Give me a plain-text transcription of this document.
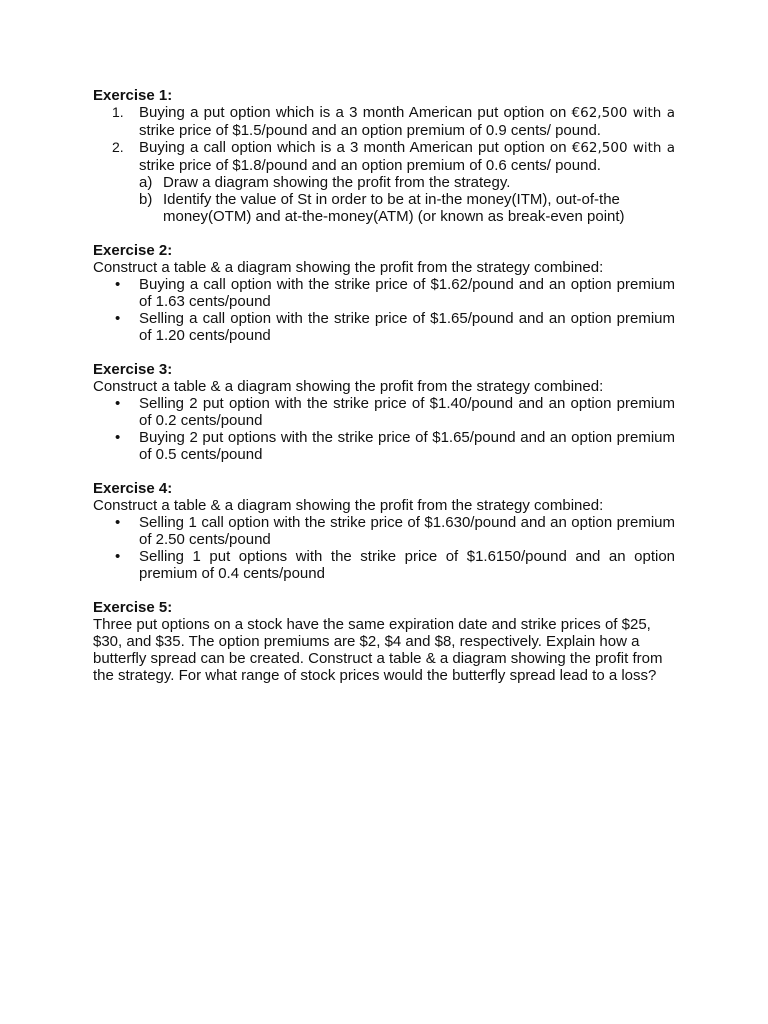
Exercise 1:

1.	Buying a put option which is a 3 month American put option on €62,500 with a strike price of $1.5/pound and an option premium of 0.9 cents/ pound.
2.	Buying a call option which is a 3 month American put option on €62,500 with a strike price of $1.8/pound and an option premium of 0.6 cents/ pound.
a) Draw a diagram showing the profit from the strategy.
b) Identify the value of St in order to be at in-the money(ITM), out-of-the money(OTM) and at-the-money(ATM) (or known as break-even point)

Exercise 2:

Construct a table & a diagram showing the profit from the strategy combined:

•	Buying a call option with the strike price of $1.62/pound and an option premium of 1.63 cents/pound
•	Selling a call option with the strike price of $1.65/pound and an option premium of 1.20 cents/pound

Exercise 3:

Construct a table & a diagram showing the profit from the strategy combined:

•	Selling 2 put option with the strike price of $1.40/pound and an option premium of 0.2 cents/pound
•	Buying 2 put options with the strike price of $1.65/pound and an option premium of 0.5 cents/pound

Exercise 4:

Construct a table & a diagram showing the profit from the strategy combined:

•	Selling 1 call option with the strike price of $1.630/pound and an option premium of 2.50 cents/pound
•	Selling 1 put options with the strike price of $1.6150/pound and an option premium of 0.4 cents/pound

Exercise 5:

Three put options on a stock have the same expiration date and strike prices of $25, $30, and $35. The option premiums are $2, $4 and $8, respectively. Explain how a butterfly spread can be created. Construct a table & a diagram showing the profit from the strategy. For what range of stock prices would the butterfly spread lead to a loss?
